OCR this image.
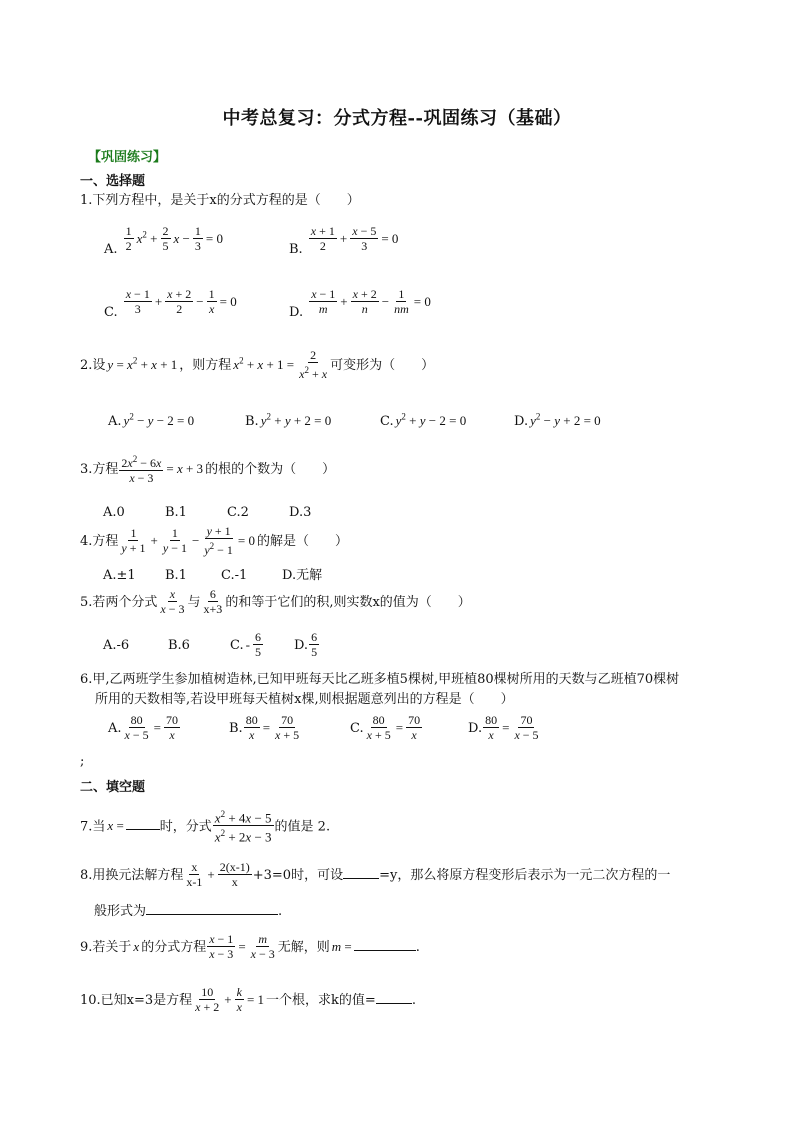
中考总复习：分式方程--巩固练习（基础）
【巩固练习】
一、选择题
1.下列方程中，是关于x的分式方程的是（　　）
$_{A.} \frac{1}{2} x^2 + \frac{2}{5}$ $x - \frac{1}{3} = 0$
$_{B.} \frac{x + 1}{2} + \frac{x - 5}{3} = 0$
$_{C.} \frac{x - 1}{3} + \frac{x + 2}{2} - \frac{1}{x} = 0$
$_{D.} \frac{x - 1}{m} + \frac{x + 2}{n} - \frac{1}{nm} = 0$
2.设 $y = x^2 + x + 1$ ，则方程 $x^2 + x + 1 = \frac{2}{x^2 + x}$ 可变形为（　　）
A. $y^2 - y - 2 = 0$	B. $y^2 + y + 2 = 0$	C. $y^2 + y - 2 = 0$	D. $y^2 - y + 2 = 0$
3.方程 $\frac{2x^2 - 6x}{x - 3} = x + 3$ 的根的个数为（　　）
A.0	B.1	C.2	D.3
4.方程 $\frac{1}{y + 1} + \frac{1}{y - 1} - \frac{y + 1}{y^2 - 1} = 0$ 的解是（　　）
A.±1 B.1	C.-1	D.无解
5.若两个分式 $\frac{x}{x - 3}$ 与 $\frac{6}{x+3}$ 的和等于它们的积,则实数x的值为（　　）
A.-6	B.6	C. - $\frac{6}{5} D$. $\frac{6}{5}$
6.甲,乙两班学生参加植树造林,已知甲班每天比乙班多植5棵树,甲班植80棵树所用的天数与乙班植70棵树
所用的天数相等,若设甲班每天植树x棵,则根据题意列出的方程是（　　）
A. $\frac{80}{x - 5} = \frac{70}{x}$	B. $\frac{80}{x} = \frac{70}{x + 5}$	C. $\frac{80}{x + 5} = \frac{70}{x}$	D. $\frac{80}{x} = \frac{70}{x - 5}$
;
二、填空题
7.当 x =	时，分式 $\frac{x^2 + 4x - 5}{x^2 + 2x - 3}$ 的值是 2.
8.用换元法解方程 $\frac{x}{x-1} + \frac{2(x-1)}{x} +3=0$时，可设	=y，那么将原方程变形后表示为一元二次方程的一
般形式为	.
9.若关于 x 的分式方程 $\frac{x - 1}{x - 3} = \frac{m}{x - 3}$ 无解，则 m =	.
10.已知x=3是方程 $\frac{10}{x + 2} + \frac{k}{x} = 1$ 一个根，求k的值=	.
